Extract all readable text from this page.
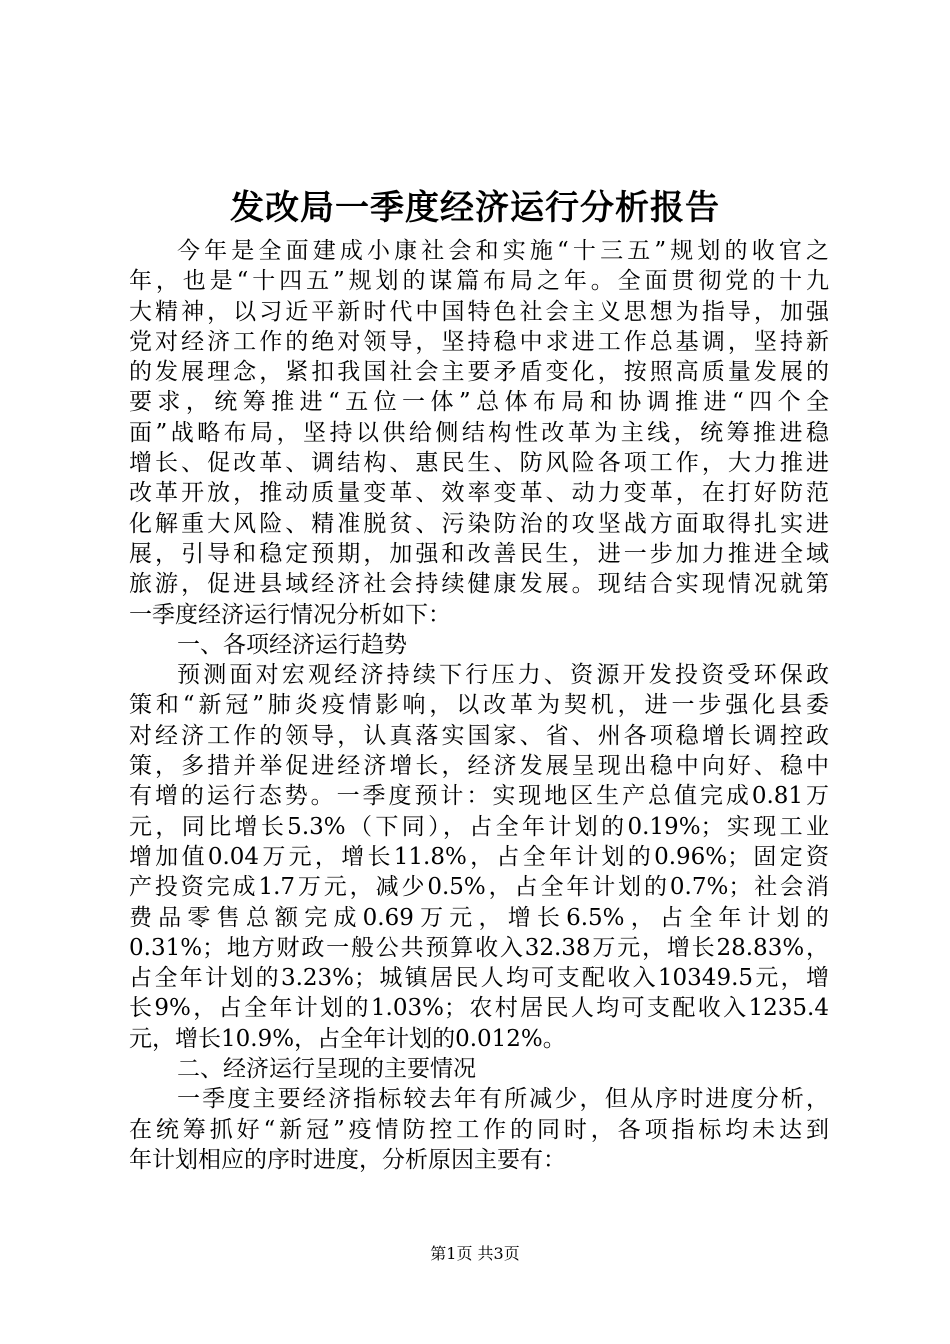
发改局一季度经济运行分析报告
今年是全面建成小康社会和实施“十三五”规划的收官之
年，也是“十四五”规划的谋篇布局之年。全面贯彻党的十九
大精神，以习近平新时代中国特色社会主义思想为指导，加强
党对经济工作的绝对领导，坚持稳中求进工作总基调，坚持新
的发展理念，紧扣我国社会主要矛盾变化，按照高质量发展的
要求，统筹推进“五位一体”总体布局和协调推进“四个全
面”战略布局，坚持以供给侧结构性改革为主线，统筹推进稳
增长、促改革、调结构、惠民生、防风险各项工作，大力推进
改革开放，推动质量变革、效率变革、动力变革，在打好防范
化解重大风险、精准脱贫、污染防治的攻坚战方面取得扎实进
展，引导和稳定预期，加强和改善民生，进一步加力推进全域
旅游，促进县域经济社会持续健康发展。现结合实现情况就第
一季度经济运行情况分析如下：
一、各项经济运行趋势
预测面对宏观经济持续下行压力、资源开发投资受环保政
策和“新冠”肺炎疫情影响，以改革为契机，进一步强化县委
对经济工作的领导，认真落实国家、省、州各项稳增长调控政
策，多措并举促进经济增长，经济发展呈现出稳中向好、稳中
有增的运行态势。一季度预计：实现地区生产总值完成0.81万
元，同比增长5.3%（下同），占全年计划的0.19%；实现工业
增加值0.04万元，增长11.8%，占全年计划的0.96%；固定资
产投资完成1.7万元，减少0.5%，占全年计划的0.7%；社会消
费品零售总额完成0.69万元，增长6.5%，占全年计划的
0.31%；地方财政一般公共预算收入32.38万元，增长28.83%，
占全年计划的3.23%；城镇居民人均可支配收入10349.5元，增
长9%，占全年计划的1.03%；农村居民人均可支配收入1235.4
元，增长10.9%，占全年计划的0.012%。
二、经济运行呈现的主要情况
一季度主要经济指标较去年有所减少，但从序时进度分析，
在统筹抓好“新冠”疫情防控工作的同时，各项指标均未达到
年计划相应的序时进度，分析原因主要有：
第1页 共3页
